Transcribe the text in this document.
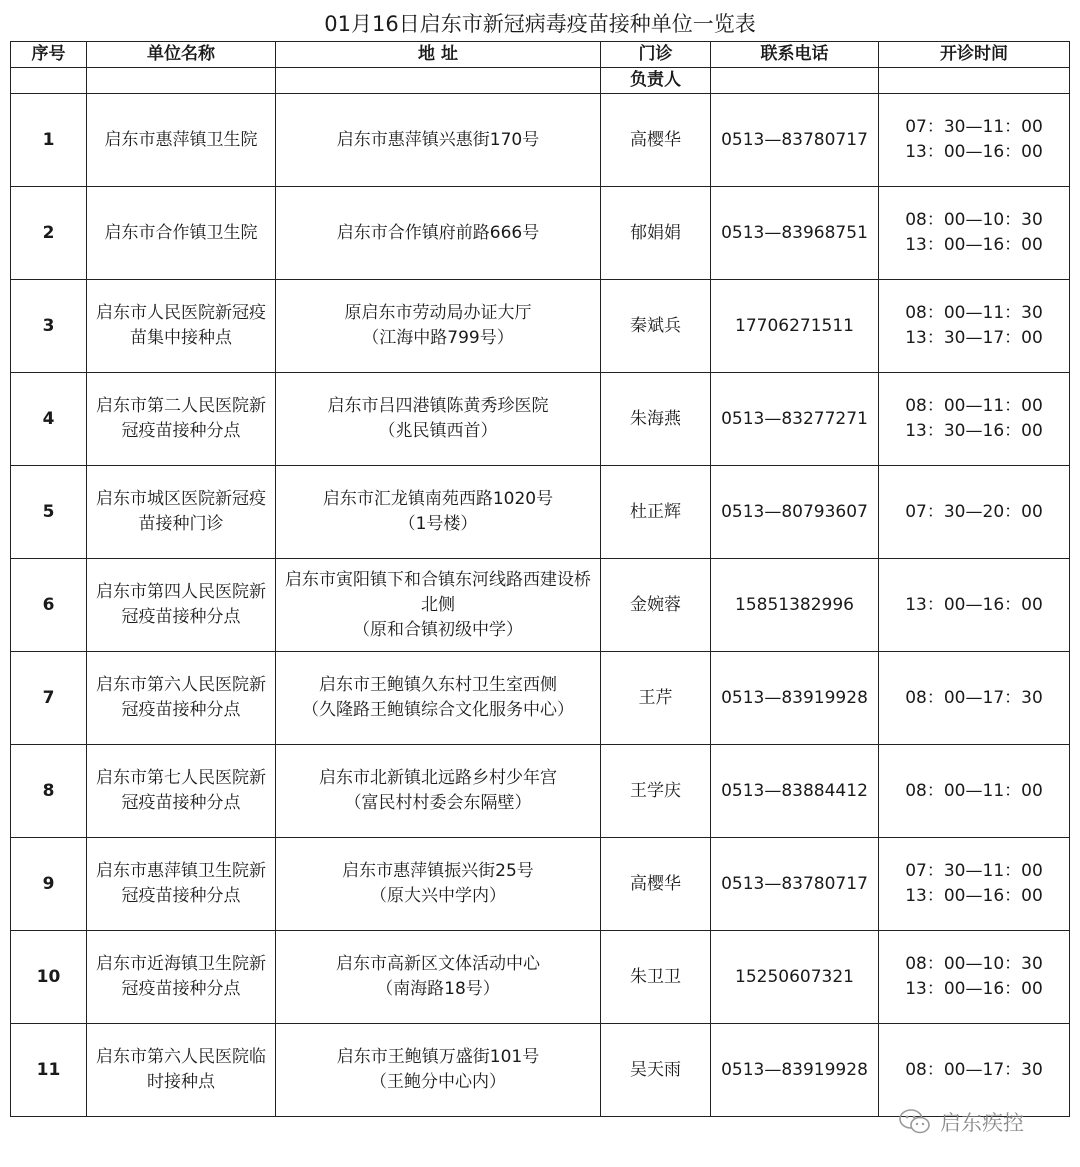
01月16日启东市新冠病毒疫苗接种单位一览表
序号	单位名称	地 址	门诊	联系电话	开诊时间
			负责人		
1	启东市惠萍镇卫生院	启东市惠萍镇兴惠街170号	高樱华	0513—83780717	07：30—11：00
13：00—16：00

2	启东市合作镇卫生院	启东市合作镇府前路666号	郁娟娟	0513—83968751	08：00—10：30
13：00—16：00

3	启东市人民医院新冠疫
苗集中接种点	原启东市劳动局办证大厅
（江海中路799号）	秦斌兵	17706271511	08：00—11：30
13：30—17：00

4	启东市第二人民医院新
冠疫苗接种分点	启东市吕四港镇陈黄秀珍医院
（兆民镇西首）	朱海燕	0513—83277271	08：00—11：00
13：30—16：00

5	启东市城区医院新冠疫
苗接种门诊	启东市汇龙镇南苑西路1020号
（1号楼）	杜正辉	0513—80793607	07：30—20：00

6	启东市第四人民医院新
冠疫苗接种分点	启东市寅阳镇下和合镇东河线路西建设桥
北侧
（原和合镇初级中学）	金婉蓉	15851382996	13：00—16：00

7	启东市第六人民医院新
冠疫苗接种分点	启东市王鲍镇久东村卫生室西侧
（久隆路王鲍镇综合文化服务中心）	王芹	0513—83919928	08：00—17：30

8	启东市第七人民医院新
冠疫苗接种分点	启东市北新镇北远路乡村少年宫
（富民村村委会东隔壁）	王学庆	0513—83884412	08：00—11：00

9	启东市惠萍镇卫生院新
冠疫苗接种分点	启东市惠萍镇振兴街25号
（原大兴中学内）	高樱华	0513—83780717	07：30—11：00
13：00—16：00

10	启东市近海镇卫生院新
冠疫苗接种分点	启东市高新区文体活动中心
（南海路18号）	朱卫卫	15250607321	08：00—10：30
13：00—16：00

11	启东市第六人民医院临
时接种点	启东市王鲍镇万盛街101号
（王鲍分中心内）	吴天雨	0513—83919928	08：00—17：30
启东疾控
